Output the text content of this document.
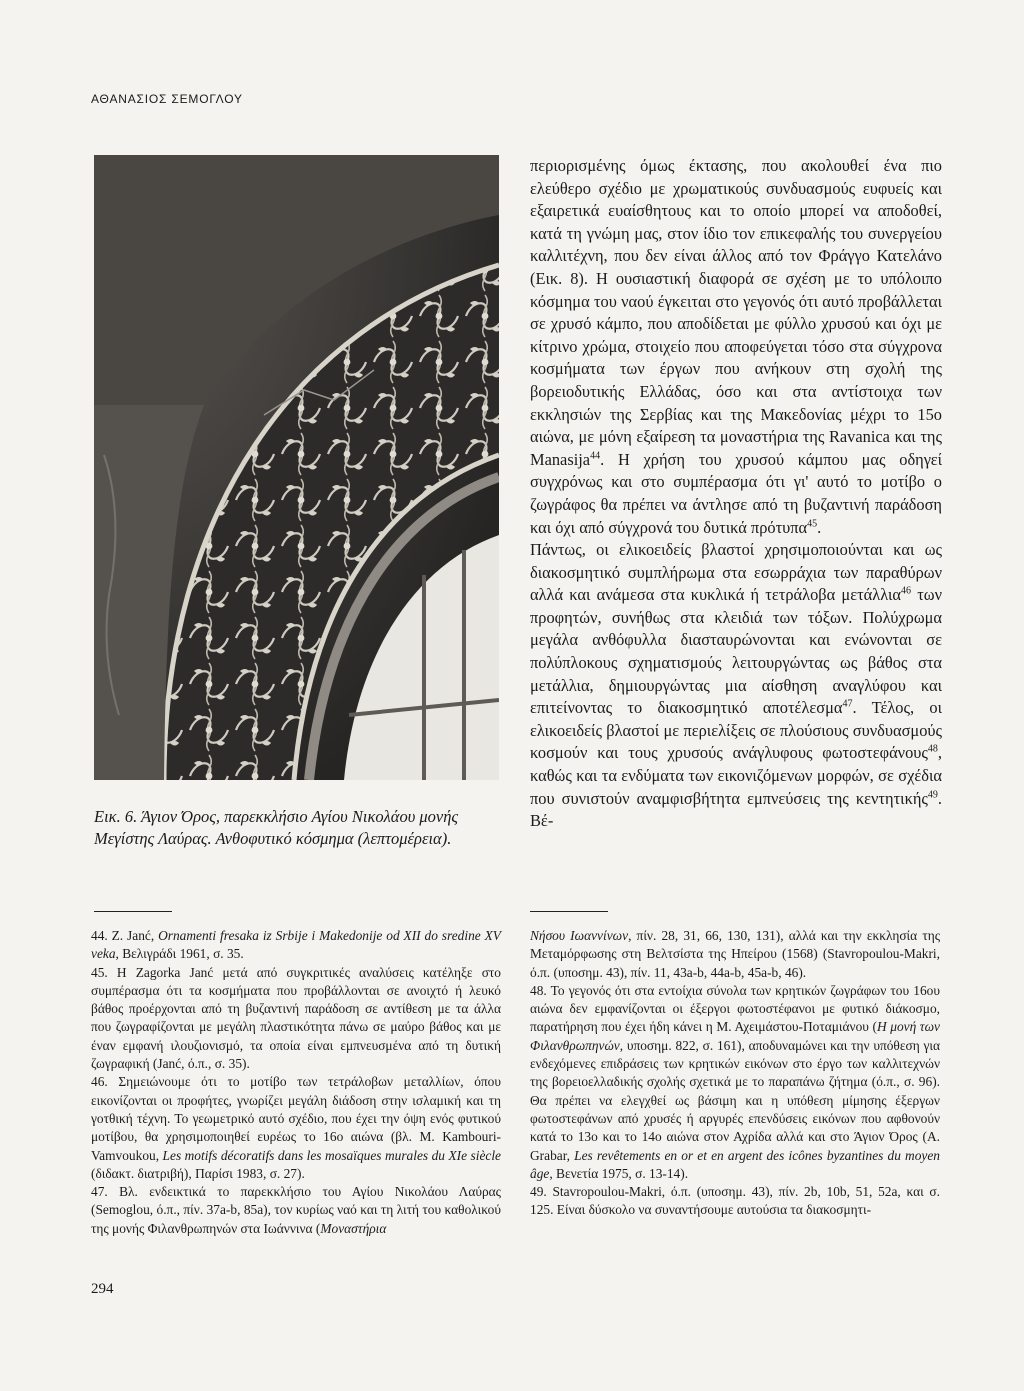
ΑΘΑΝΑΣΙΟΣ ΣΕΜΟΓΛΟΥ
Εικ. 6. Άγιον Όρος, παρεκκλήσιο Αγίου Νικολάου μονής
Μεγίστης Λαύρας. Ανθοφυτικό κόσμημα (λεπτομέρεια).

περιορισμένης όμως έκτασης, που ακολουθεί ένα πιο ελεύθερο σχέδιο με χρωματικούς συνδυασμούς ευφυείς και εξαιρετικά ευαίσθητους και το οποίο μπορεί να αποδοθεί, κατά τη γνώμη μας, στον ίδιο τον επικεφαλής του συνεργείου καλλιτέχνη, που δεν είναι άλλος από τον Φράγγο Κατελάνο (Εικ. 8). Η ουσιαστική διαφορά σε σχέση με το υπόλοιπο κόσμημα του ναού έγκειται στο γεγονός ότι αυτό προβάλλεται σε χρυσό κάμπο, που αποδίδεται με φύλλο χρυσού και όχι με κίτρινο χρώμα, στοιχείο που αποφεύγεται τόσο στα σύγχρονα κοσμήματα των έργων που ανήκουν στη σχολή της βορειοδυτικής Ελλάδας, όσο και στα αντίστοιχα των εκκλησιών της Σερβίας και της Μακεδονίας μέχρι το 15ο αιώνα, με μόνη εξαίρεση τα μοναστήρια της Ravanica και της Manasija$^{44}$. Η χρήση του χρυσού κάμπου μας οδηγεί συγχρόνως και στο συμπέρασμα ότι γι' αυτό το μοτίβο ο ζωγράφος θα πρέπει να άντλησε από τη βυζαντινή παράδοση και όχι από σύγχρονά του δυτικά πρότυπα$^{45}$.

Πάντως, οι ελικοειδείς βλαστοί χρησιμοποιούνται και ως διακοσμητικό συμπλήρωμα στα εσωρράχια των παραθύρων αλλά και ανάμεσα στα κυκλικά ή τετράλοβα μετάλλια$^{46}$ των προφητών, συνήθως στα κλειδιά των τόξων. Πολύχρωμα μεγάλα ανθόφυλλα διασταυρώνονται και ενώνονται σε πολύπλοκους σχηματισμούς λειτουργώντας ως βάθος στα μετάλλια, δημιουργώντας μια αίσθηση αναγλύφου και επιτείνοντας το διακοσμητικό αποτέλεσμα$^{47}$. Τέλος, οι ελικοειδείς βλαστοί με περιελίξεις σε πλούσιους συνδυασμούς κοσμούν και τους χρυσούς ανάγλυφους φωτοστεφάνους$^{48}$, καθώς και τα ενδύματα των εικονιζόμενων μορφών, σε σχέδια που συνιστούν αναμφισβήτητα εμπνεύσεις της κεντητικής$^{49}$. Βέ-

44. Z. Janć, Ornamenti fresaka iz Srbije i Makedonije od XII do sredine XV veka, Βελιγράδι 1961, σ. 35.

45. Η Zagorka Janć μετά από συγκριτικές αναλύσεις κατέληξε στο συμπέρασμα ότι τα κοσμήματα που προβάλλονται σε ανοιχτό ή λευκό βάθος προέρχονται από τη βυζαντινή παράδοση σε αντίθεση με τα άλλα που ζωγραφίζονται με μεγάλη πλαστικότητα πάνω σε μαύρο βάθος και με έναν εμφανή ιλουζιονισμό, τα οποία είναι εμπνευσμένα από τη δυτική ζωγραφική (Janć, ό.π., σ. 35).

46. Σημειώνουμε ότι το μοτίβο των τετράλοβων μεταλλίων, όπου εικονίζονται οι προφήτες, γνωρίζει μεγάλη διάδοση στην ισλαμική και τη γοτθική τέχνη. Το γεωμετρικό αυτό σχέδιο, που έχει την όψη ενός φυτικού μοτίβου, θα χρησιμοποιηθεί ευρέως το 16ο αιώνα (βλ. M. Kambouri-Vamvoukou, Les motifs décoratifs dans les mosaïques murales du XIe siècle (διδακτ. διατριβή), Παρίσι 1983, σ. 27).

47. Βλ. ενδεικτικά το παρεκκλήσιο του Αγίου Νικολάου Λαύρας (Semoglou, ό.π., πίν. 37a-b, 85a), τον κυρίως ναό και τη λιτή του καθολικού της μονής Φιλανθρωπηνών στα Ιωάννινα (Μοναστήρια

Νήσου Ιωαννίνων, πίν. 28, 31, 66, 130, 131), αλλά και την εκκλησία της Μεταμόρφωσης στη Βελτσίστα της Ηπείρου (1568) (Stavropoulou-Makri, ό.π. (υποσημ. 43), πίν. 11, 43a-b, 44a-b, 45a-b, 46).

48. Το γεγονός ότι στα εντοίχια σύνολα των κρητικών ζωγράφων του 16ου αιώνα δεν εμφανίζονται οι έξεργοι φωτοστέφανοι με φυτικό διάκοσμο, παρατήρηση που έχει ήδη κάνει η Μ. Αχειμάστου-Ποταμιάνου (Η μονή των Φιλανθρωπηνών, υποσημ. 822, σ. 161), αποδυναμώνει και την υπόθεση για ενδεχόμενες επιδράσεις των κρητικών εικόνων στο έργο των καλλιτεχνών της βορειοελλαδικής σχολής σχετικά με το παραπάνω ζήτημα (ό.π., σ. 96). Θα πρέπει να ελεγχθεί ως βάσιμη και η υπόθεση μίμησης έξεργων φωτοστεφάνων από χρυσές ή αργυρές επενδύσεις εικόνων που αφθονούν κατά το 13ο και το 14ο αιώνα στον Αχρίδα αλλά και στο Άγιον Όρος (A. Grabar, Les revêtements en or et en argent des icônes byzantines du moyen âge, Βενετία 1975, σ. 13-14).

49. Stavropoulou-Makri, ό.π. (υποσημ. 43), πίν. 2b, 10b, 51, 52a, και σ. 125. Είναι δύσκολο να συναντήσουμε αυτούσια τα διακοσμητι-

294
